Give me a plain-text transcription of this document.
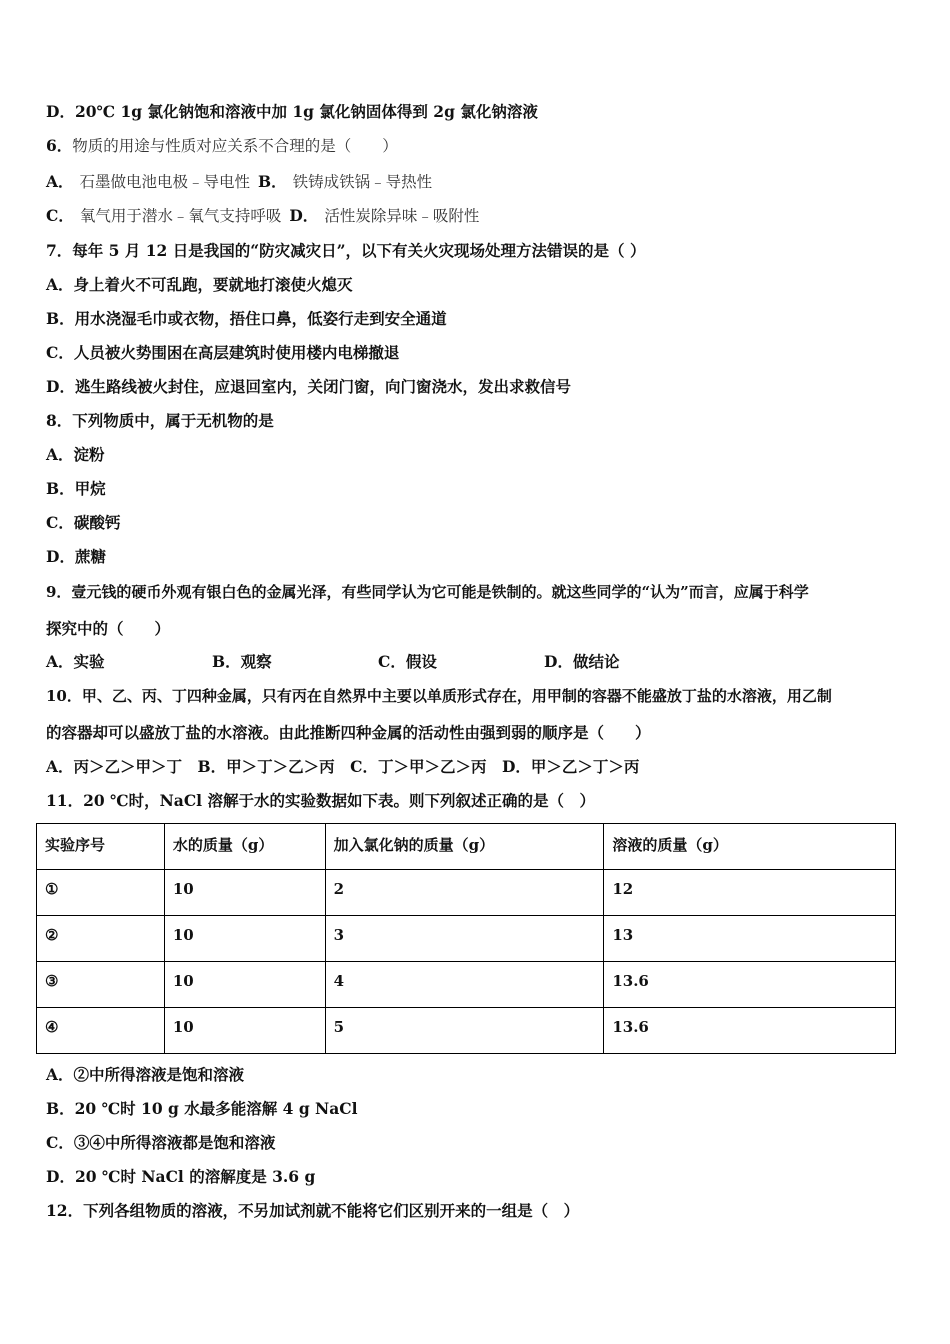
D．20℃ 1g 氯化钠饱和溶液中加 1g 氯化钠固体得到 2g 氯化钠溶液
6．物质的用途与性质对应关系不合理的是（　　）
A． 石墨做电池电极﹣导电性 B． 铁铸成铁锅﹣导热性
C． 氧气用于潜水﹣氧气支持呼吸 D． 活性炭除异味﹣吸附性
7．每年 5 月 12 日是我国的“防灾减灾日”，以下有关火灾现场处理方法错误的是（ ）
A．身上着火不可乱跑，要就地打滚使火熄灭
B．用水浇湿毛巾或衣物，捂住口鼻，低姿行走到安全通道
C．人员被火势围困在高层建筑时使用楼内电梯撤退
D．逃生路线被火封住，应退回室内，关闭门窗，向门窗浇水，发出求救信号
8．下列物质中，属于无机物的是
A．淀粉
B．甲烷
C．碳酸钙
D．蔗糖
9．壹元钱的硬币外观有银白色的金属光泽，有些同学认为它可能是铁制的。就这些同学的“认为”而言，应属于科学
探究中的（　　）
A．实验	B．观察	C．假设	D．做结论
10．甲、乙、丙、丁四种金属，只有丙在自然界中主要以单质形式存在，用甲制的容器不能盛放丁盐的水溶液，用乙制
的容器却可以盛放丁盐的水溶液。由此推断四种金属的活动性由强到弱的顺序是（　　）
A．丙＞乙＞甲＞丁　B．甲＞丁＞乙＞丙　C．丁＞甲＞乙＞丙　D．甲＞乙＞丁＞丙
11．20 ℃时，NaCl 溶解于水的实验数据如下表。则下列叙述正确的是（　）
实验序号	水的质量（g）	加入氯化钠的质量（g）	溶液的质量（g）
①	10	2	12
②	10	3	13
③	10	4	13.6
④	10	5	13.6
A．②中所得溶液是饱和溶液
B．20 ℃时 10 g 水最多能溶解 4 g NaCl
C．③④中所得溶液都是饱和溶液
D．20 ℃时 NaCl 的溶解度是 3.6 g
12．下列各组物质的溶液，不另加试剂就不能将它们区别开来的一组是（　）
